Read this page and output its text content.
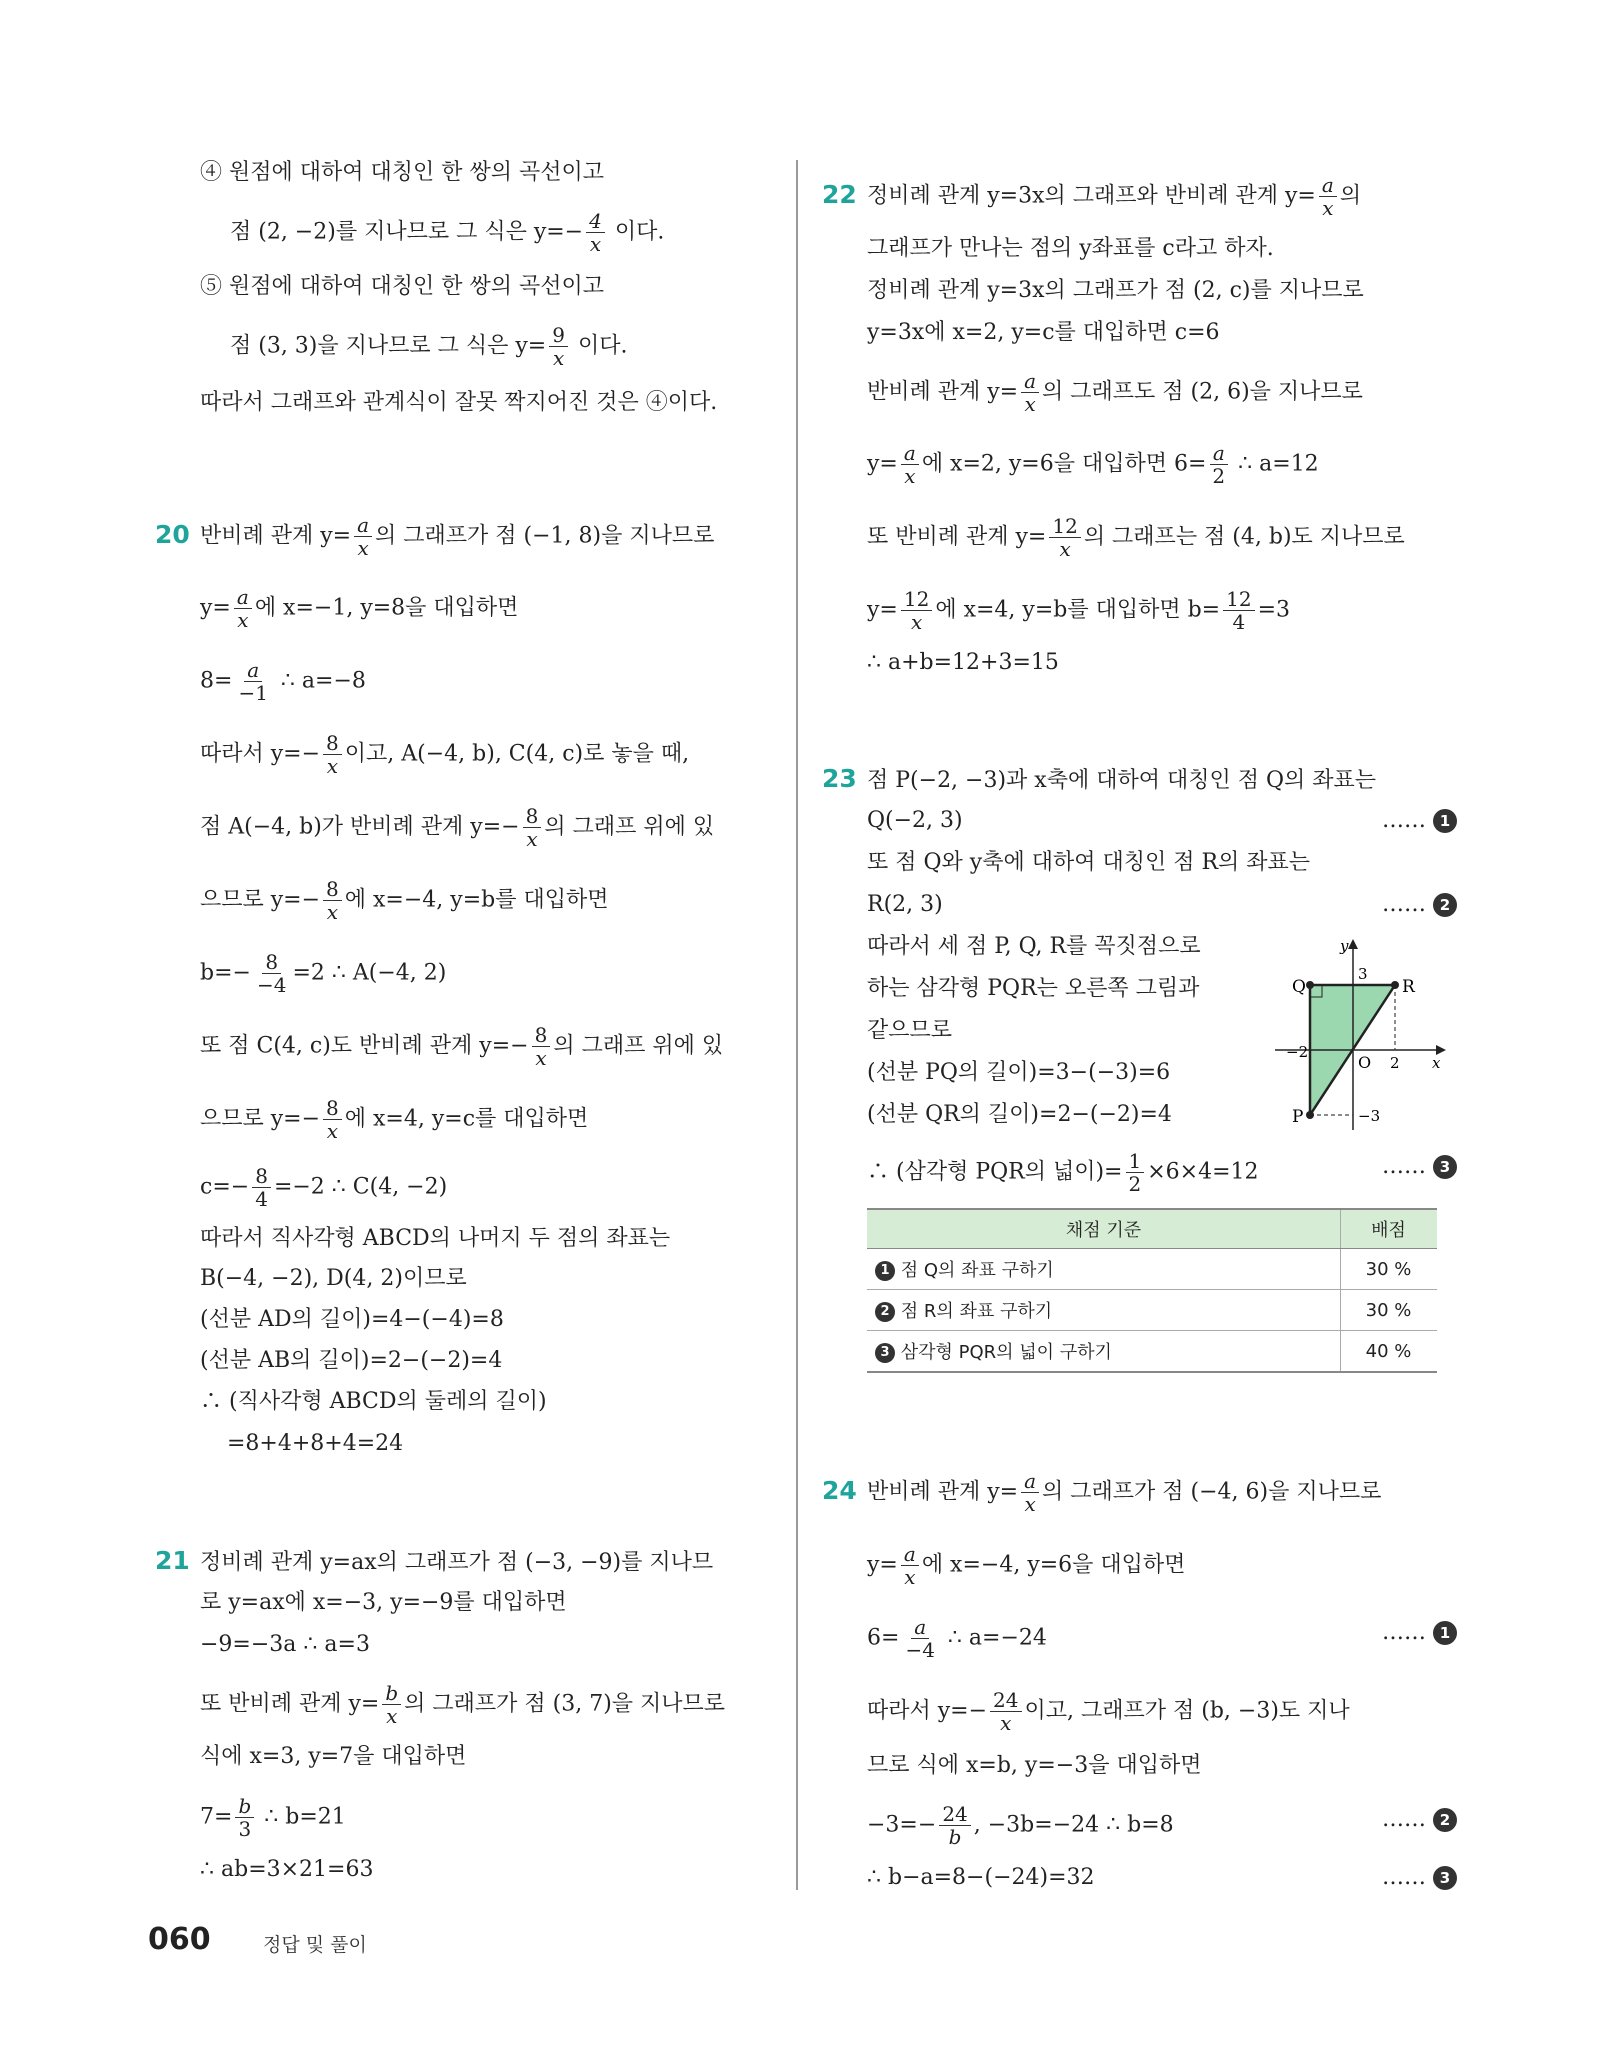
④ 원점에 대하여 대칭인 한 쌍의 곡선이고
점 (2, −2)를 지나므로 그 식은 $y=- \frac{4}{x}$ 이다.
⑤ 원점에 대하여 대칭인 한 쌍의 곡선이고
점 (3, 3)을 지나므로 그 식은 $y= \frac{9}{x}$ 이다.
따라서 그래프와 관계식이 잘못 짝지어진 것은 ④이다.
20 반비례 관계 $y= \frac{a}{x}$ 의 그래프가 점 (−1, 8)을 지나므로
$y= \frac{a}{x}$ 에 x=−1, y=8을 대입하면
$8= \frac{a}{-1}$ ∴ a=−8
따라서 $y=- \frac{8}{x}$ 이고, A(−4, b), C(4, c)로 놓을 때,
점 A(−4, b)가 반비례 관계 $y=- \frac{8}{x}$ 의 그래프 위에 있
으므로 $y=- \frac{8}{x}$ 에 x=−4, y=b를 대입하면
$b=- \frac{8}{-4} =2$ ∴ A(−4, 2)
또 점 C(4, c)도 반비례 관계 $y=- \frac{8}{x}$ 의 그래프 위에 있
으므로 $y=- \frac{8}{x}$ 에 x=4, y=c를 대입하면
$c=- \frac{8}{4} =-2$ ∴ C(4, −2)
따라서 직사각형 ABCD의 나머지 두 점의 좌표는
B(−4, −2), D(4, 2)이므로
(선분 AD의 길이)=4−(−4)=8
(선분 AB의 길이)=2−(−2)=4
∴ (직사각형 ABCD의 둘레의 길이)
=8+4+8+4=24
21 정비례 관계 y=ax의 그래프가 점 (−3, −9)를 지나므
로 y=ax에 x=−3, y=−9를 대입하면
−9=−3a ∴ a=3
또 반비례 관계 $y= \frac{b}{x}$ 의 그래프가 점 (3, 7)을 지나므로
식에 x=3, y=7을 대입하면
$7= \frac{b}{3}$ ∴ b=21
∴ ab=3×21=63
22 정비례 관계 y=3x의 그래프와 반비례 관계 $y= \frac{a}{x}$ 의
그래프가 만나는 점의 y좌표를 c라고 하자.
정비례 관계 y=3x의 그래프가 점 (2, c)를 지나므로
y=3x에 x=2, y=c를 대입하면 c=6
반비례 관계 $y= \frac{a}{x}$ 의 그래프도 점 (2, 6)을 지나므로
$y= \frac{a}{x}$ 에 x=2, y=6을 대입하면 $6= \frac{a}{2}$ ∴ a=12
또 반비례 관계 $y= \frac{12}{x}$ 의 그래프는 점 (4, b)도 지나므로
$y= \frac{12}{x}$ 에 x=4, y=b를 대입하면 $b= \frac{12}{4} =3$
∴ a+b=12+3=15
23 점 P(−2, −3)과 x축에 대하여 대칭인 점 Q의 좌표는
Q(−2, 3)	…… 1
또 점 Q와 y축에 대하여 대칭인 점 R의 좌표는
R(2, 3)	…… 2
따라서 세 점 P, Q, R를 꼭짓점으로
하는 삼각형 PQR는 오른쪽 그림과
같으므로
(선분 PQ의 길이)=3−(−3)=6
(선분 QR의 길이)=2−(−2)=4
∴ (삼각형 PQR의 넓이)= $\frac{1}{2} \times 6\times 4=12$	…… 3
Q	R
P
O
y
x
3
−2
2
−3
채점 기준	배점
1 점 Q의 좌표 구하기	30 %
2 점 R의 좌표 구하기	30 %
3 삼각형 PQR의 넓이 구하기	40 %
24 반비례 관계 $y= \frac{a}{x}$ 의 그래프가 점 (−4, 6)을 지나므로
$y= \frac{a}{x}$ 에 x=−4, y=6을 대입하면
$6= \frac{a}{-4}$ ∴ a=−24	…… 1
따라서 $y=- \frac{24}{x}$ 이고, 그래프가 점 (b, −3)도 지나
므로 식에 x=b, y=−3을 대입하면
$-3=- \frac{24}{b}$ , −3b=−24 ∴ b=8	…… 2
∴ b−a=8−(−24)=32	…… 3
060	정답 및 풀이
